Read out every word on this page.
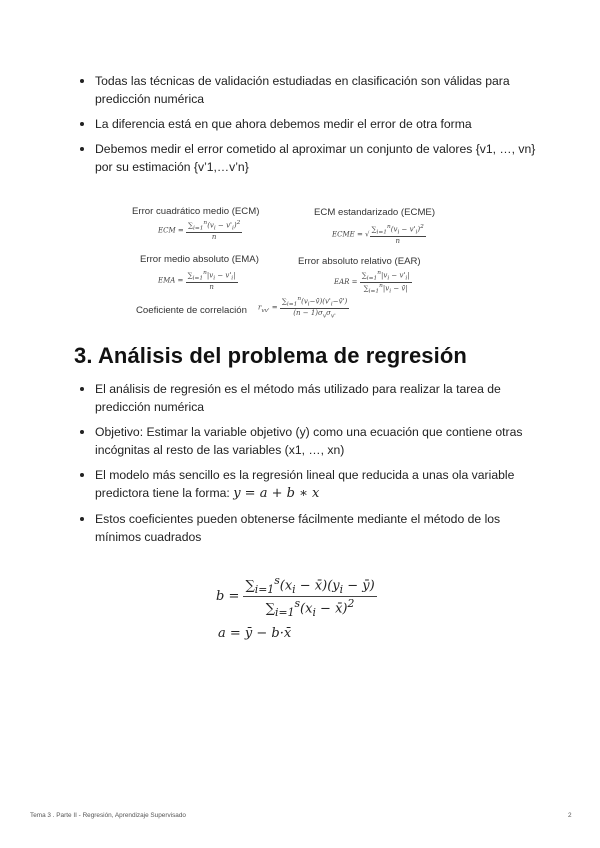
Todas las técnicas de validación estudiadas en clasificación son válidas para predicción numérica
La diferencia está en que ahora debemos medir el error de otra forma
Debemos medir el error cometido al aproximar un conjunto de valores {v1, …, vn} por su estimación {v’1,…v’n}
Error cuadrático medio (ECM)
ECM = $\frac{\sum_{i=1}^n(v_i - v'_i)^2}{n}$
ECM estandarizado (ECME)
ECME = √ $\frac{\sum_{i=1}^n(v_i - v'_i)^2}{n}$
Error medio absoluto (EMA)
EMA = $\frac{\sum_{i=1}^n|v_i - v'_i|}{n}$
Error absoluto relativo (EAR)
EAR = $\frac{\sum_{i=1}^n|v_i - v'_i|}{\sum_{i=1}^n|v_i - v̄|}$
Coeficiente de correlación $r_{vv'} = \frac{\sum_{i=1}^n(v_i-v̄)(v'_i-v̄')}{(n - 1)\sigma_v\sigma_{v'}}$
3. Análisis del problema de regresión
El análisis de regresión es el método más utilizado para realizar la tarea de predicción numérica
Objetivo: Estimar la variable objetivo (y) como una ecuación que contiene otras incógnitas al resto de las variables (x1, …, xn)
El modelo más sencillo es la regresión lineal que reducida a unas ola variable predictora tiene la forma: y = a + b ∗ x
Estos coeficientes pueden obtenerse fácilmente mediante el método de los mínimos cuadrados
$b = \frac{\sum_{i=1}^s(x_i - x̄)(y_i - ȳ)}{\sum_{i=1}^s(x_i - x̄)^2}$
a = ȳ − b·x̄
Tema 3 . Parte II - Regresión, Aprendizaje Supervisado	2
